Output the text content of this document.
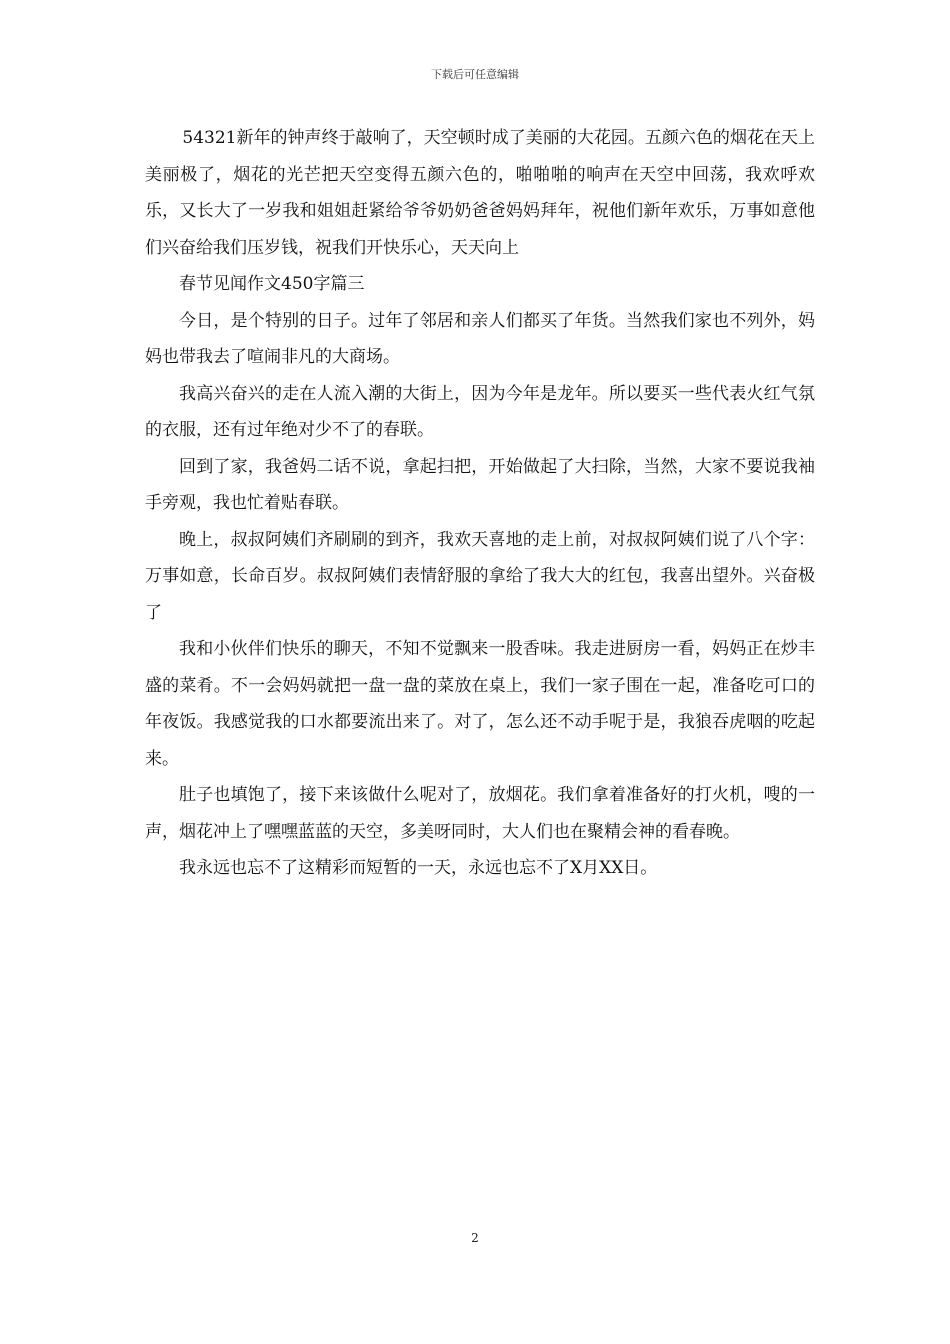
下载后可任意编辑

54321新年的钟声终于敲响了，天空顿时成了美丽的大花园。五颜六色的烟花在天上美丽极了，烟花的光芒把天空变得五颜六色的，啪啪啪的响声在天空中回荡，我欢呼欢乐，又长大了一岁我和姐姐赶紧给爷爷奶奶爸爸妈妈拜年，祝他们新年欢乐，万事如意他们兴奋给我们压岁钱，祝我们开快乐心，天天向上

春节见闻作文450字篇三

今日，是个特别的日子。过年了邻居和亲人们都买了年货。当然我们家也不列外，妈妈也带我去了喧闹非凡的大商场。

我高兴奋兴的走在人流入潮的大街上，因为今年是龙年。所以要买一些代表火红气氛的衣服，还有过年绝对少不了的春联。

回到了家，我爸妈二话不说，拿起扫把，开始做起了大扫除，当然，大家不要说我袖手旁观，我也忙着贴春联。

晚上，叔叔阿姨们齐刷刷的到齐，我欢天喜地的走上前，对叔叔阿姨们说了八个字：万事如意，长命百岁。叔叔阿姨们表情舒服的拿给了我大大的红包，我喜出望外。兴奋极了

我和小伙伴们快乐的聊天，不知不觉飘来一股香味。我走进厨房一看，妈妈正在炒丰盛的菜肴。不一会妈妈就把一盘一盘的菜放在桌上，我们一家子围在一起，准备吃可口的年夜饭。我感觉我的口水都要流出来了。对了，怎么还不动手呢于是，我狼吞虎咽的吃起来。

肚子也填饱了，接下来该做什么呢对了，放烟花。我们拿着准备好的打火机，嗖的一声，烟花冲上了嘿嘿蓝蓝的天空，多美呀同时，大人们也在聚精会神的看春晚。

我永远也忘不了这精彩而短暂的一天，永远也忘不了X月XX日。

2
